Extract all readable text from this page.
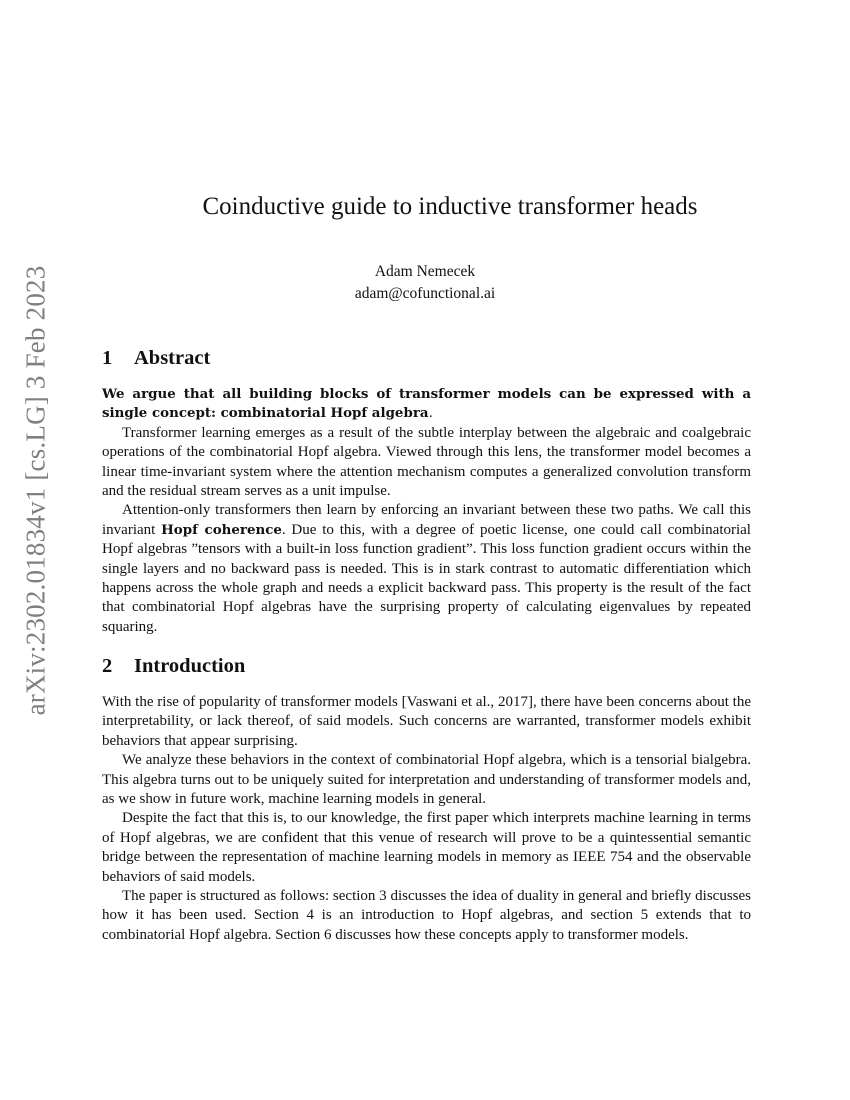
arXiv:2302.01834v1 [cs.LG] 3 Feb 2023
Coinductive guide to inductive transformer heads
Adam Nemecek
adam@cofunctional.ai
1 Abstract

We argue that all building blocks of transformer models can be expressed with a single concept: combinatorial Hopf algebra.

Transformer learning emerges as a result of the subtle interplay between the algebraic and coalgebraic operations of the combinatorial Hopf algebra. Viewed through this lens, the transformer model becomes a linear time-invariant system where the attention mechanism computes a generalized convolution transform and the residual stream serves as a unit impulse.

Attention-only transformers then learn by enforcing an invariant between these two paths. We call this invariant Hopf coherence. Due to this, with a degree of poetic license, one could call combinatorial Hopf algebras ”tensors with a built-in loss function gradient”. This loss function gradient occurs within the single layers and no backward pass is needed. This is in stark contrast to automatic differentiation which happens across the whole graph and needs a explicit backward pass. This property is the result of the fact that combinatorial Hopf algebras have the surprising property of calculating eigenvalues by repeated squaring.

2 Introduction

With the rise of popularity of transformer models [Vaswani et al., 2017], there have been concerns about the interpretability, or lack thereof, of said models. Such concerns are warranted, transformer models exhibit behaviors that appear surprising.

We analyze these behaviors in the context of combinatorial Hopf algebra, which is a tensorial bialgebra. This algebra turns out to be uniquely suited for interpretation and understanding of transformer models and, as we show in future work, machine learning models in general.

Despite the fact that this is, to our knowledge, the first paper which interprets machine learning in terms of Hopf algebras, we are confident that this venue of research will prove to be a quintessential semantic bridge between the representation of machine learning models in memory as IEEE 754 and the observable behaviors of said models.

The paper is structured as follows: section 3 discusses the idea of duality in general and briefly discusses how it has been used. Section 4 is an introduction to Hopf algebras, and section 5 extends that to combinatorial Hopf algebra. Section 6 discusses how these concepts apply to transformer models.
